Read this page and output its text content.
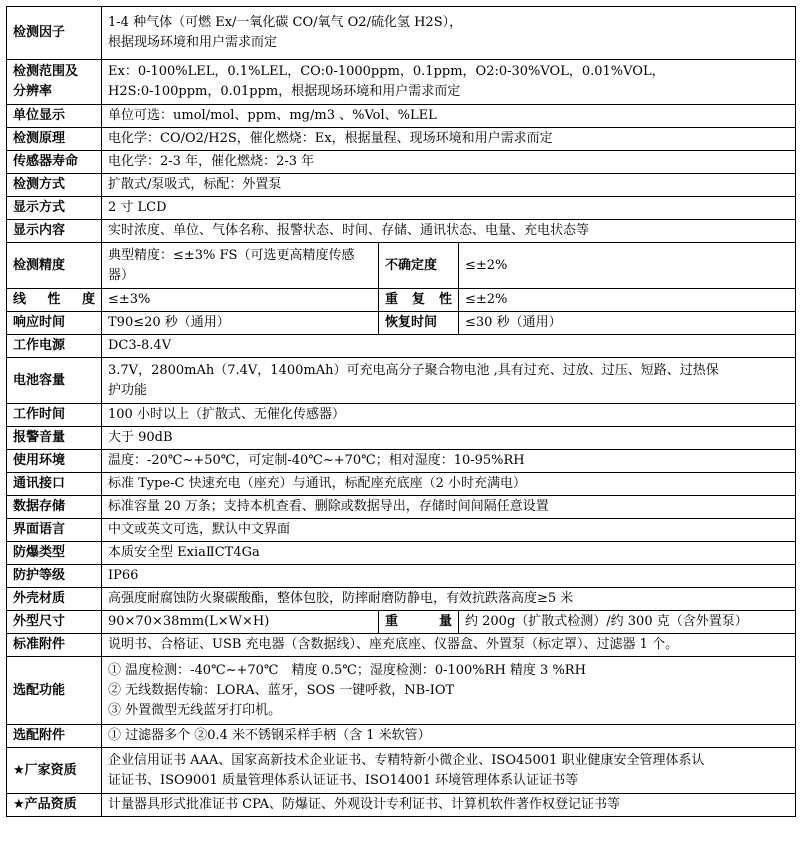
检测因子	1-4 种气体（可燃 Ex/一氧化碳 CO/氧气 O2/硫化氢 H2S），
根据现场环境和用户需求而定		

检测范围及
分辨率	Ex：0-100%LEL，0.1%LEL，CO:0-1000ppm，0.1ppm，O2:0-30%VOL，0.01%VOL，
H2S:0-100ppm，0.01ppm，根据现场环境和用户需求而定		

单位显示	单位可选：umol/mol、ppm、mg/m3 、%Vol、%LEL		
检测原理	电化学：CO/O2/H2S，催化燃烧：Ex，根据量程、现场环境和用户需求而定		
传感器寿命	电化学：2-3 年，催化燃烧：2-3 年		
检测方式	扩散式/泵吸式，标配：外置泵		
显示方式	2 寸 LCD		
显示内容	实时浓度、单位、气体名称、报警状态、时间、存储、通讯状态、电量、充电状态等		
检测精度	典型精度：≤±3% FS（可选更高精度传感器）	不确定度	≤±2%
线 性 度	≤±3%	重 复 性	≤±2%
响应时间	T90≤20 秒（通用）	恢复时间	≤30 秒（通用）
工作电源	DC3-8.4V		
电池容量	3.7V，2800mAh（7.4V，1400mAh）可充电高分子聚合物电池 ,具有过充、过放、过压、短路、过热保
护功能		

工作时间	100 小时以上（扩散式、无催化传感器）		
报警音量	大于 90dB		
使用环境	温度：-20℃~+50℃，可定制-40℃~+70℃；相对湿度：10-95%RH		
通讯接口	标准 Type-C 快速充电（座充）与通讯，标配座充底座（2 小时充满电）		
数据存储	标准容量 20 万条；支持本机查看、删除或数据导出，存储时间间隔任意设置		
界面语言	中文或英文可选，默认中文界面		
防爆类型	本质安全型 ExiaⅡCT4Ga		
防护等级	IP66		
外壳材质	高强度耐腐蚀防火聚碳酸酯，整体包胶，防摔耐磨防静电，有效抗跌落高度≥5 米		
外型尺寸	90×70×38mm(L×W×H)	重 量	约 200g（扩散式检测）/约 300 克（含外置泵）
标准附件	说明书、合格证、USB 充电器（含数据线）、座充底座、仪器盒、外置泵（标定罩）、过滤器 1 个。		
选配功能	① 温度检测：-40℃~+70℃　精度 0.5℃；湿度检测：0-100%RH 精度 3 %RH
② 无线数据传输：LORA、蓝牙，SOS 一键呼救，NB-IOT
③ 外置微型无线蓝牙打印机。		

选配附件	① 过滤器多个 ②0.4 米不锈钢采样手柄（含 1 米软管）		
★厂家资质	企业信用证书 AAA、国家高新技术企业证书、专精特新小微企业、ISO45001 职业健康安全管理体系认
证证书、ISO9001 质量管理体系认证证书、ISO14001 环境管理体系认证证书等		

★产品资质	计量器具形式批准证书 CPA、防爆证、外观设计专利证书、计算机软件著作权登记证书等		
